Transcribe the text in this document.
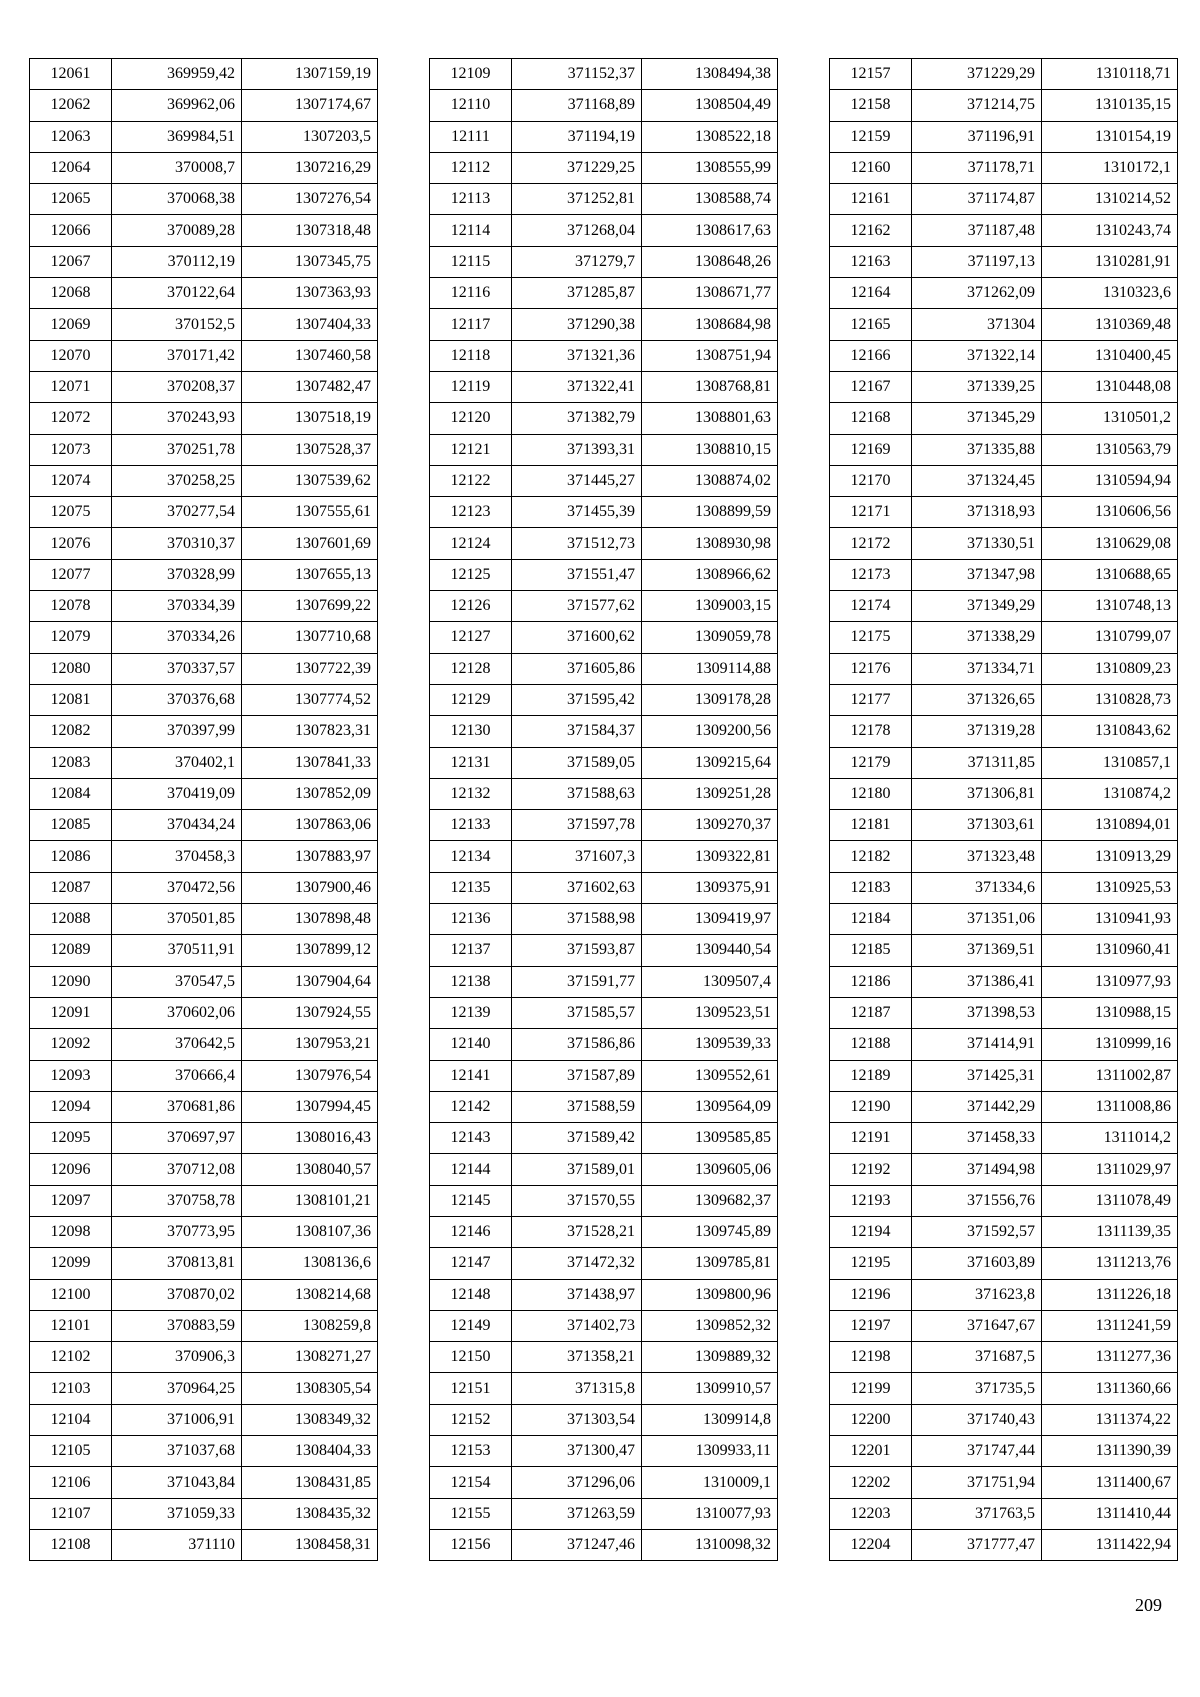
12061	369959,42	1307159,19
12062	369962,06	1307174,67
12063	369984,51	1307203,5
12064	370008,7	1307216,29
12065	370068,38	1307276,54
12066	370089,28	1307318,48
12067	370112,19	1307345,75
12068	370122,64	1307363,93
12069	370152,5	1307404,33
12070	370171,42	1307460,58
12071	370208,37	1307482,47
12072	370243,93	1307518,19
12073	370251,78	1307528,37
12074	370258,25	1307539,62
12075	370277,54	1307555,61
12076	370310,37	1307601,69
12077	370328,99	1307655,13
12078	370334,39	1307699,22
12079	370334,26	1307710,68
12080	370337,57	1307722,39
12081	370376,68	1307774,52
12082	370397,99	1307823,31
12083	370402,1	1307841,33
12084	370419,09	1307852,09
12085	370434,24	1307863,06
12086	370458,3	1307883,97
12087	370472,56	1307900,46
12088	370501,85	1307898,48
12089	370511,91	1307899,12
12090	370547,5	1307904,64
12091	370602,06	1307924,55
12092	370642,5	1307953,21
12093	370666,4	1307976,54
12094	370681,86	1307994,45
12095	370697,97	1308016,43
12096	370712,08	1308040,57
12097	370758,78	1308101,21
12098	370773,95	1308107,36
12099	370813,81	1308136,6
12100	370870,02	1308214,68
12101	370883,59	1308259,8
12102	370906,3	1308271,27
12103	370964,25	1308305,54
12104	371006,91	1308349,32
12105	371037,68	1308404,33
12106	371043,84	1308431,85
12107	371059,33	1308435,32
12108	371110	1308458,31
12109	371152,37	1308494,38
12110	371168,89	1308504,49
12111	371194,19	1308522,18
12112	371229,25	1308555,99
12113	371252,81	1308588,74
12114	371268,04	1308617,63
12115	371279,7	1308648,26
12116	371285,87	1308671,77
12117	371290,38	1308684,98
12118	371321,36	1308751,94
12119	371322,41	1308768,81
12120	371382,79	1308801,63
12121	371393,31	1308810,15
12122	371445,27	1308874,02
12123	371455,39	1308899,59
12124	371512,73	1308930,98
12125	371551,47	1308966,62
12126	371577,62	1309003,15
12127	371600,62	1309059,78
12128	371605,86	1309114,88
12129	371595,42	1309178,28
12130	371584,37	1309200,56
12131	371589,05	1309215,64
12132	371588,63	1309251,28
12133	371597,78	1309270,37
12134	371607,3	1309322,81
12135	371602,63	1309375,91
12136	371588,98	1309419,97
12137	371593,87	1309440,54
12138	371591,77	1309507,4
12139	371585,57	1309523,51
12140	371586,86	1309539,33
12141	371587,89	1309552,61
12142	371588,59	1309564,09
12143	371589,42	1309585,85
12144	371589,01	1309605,06
12145	371570,55	1309682,37
12146	371528,21	1309745,89
12147	371472,32	1309785,81
12148	371438,97	1309800,96
12149	371402,73	1309852,32
12150	371358,21	1309889,32
12151	371315,8	1309910,57
12152	371303,54	1309914,8
12153	371300,47	1309933,11
12154	371296,06	1310009,1
12155	371263,59	1310077,93
12156	371247,46	1310098,32
12157	371229,29	1310118,71
12158	371214,75	1310135,15
12159	371196,91	1310154,19
12160	371178,71	1310172,1
12161	371174,87	1310214,52
12162	371187,48	1310243,74
12163	371197,13	1310281,91
12164	371262,09	1310323,6
12165	371304	1310369,48
12166	371322,14	1310400,45
12167	371339,25	1310448,08
12168	371345,29	1310501,2
12169	371335,88	1310563,79
12170	371324,45	1310594,94
12171	371318,93	1310606,56
12172	371330,51	1310629,08
12173	371347,98	1310688,65
12174	371349,29	1310748,13
12175	371338,29	1310799,07
12176	371334,71	1310809,23
12177	371326,65	1310828,73
12178	371319,28	1310843,62
12179	371311,85	1310857,1
12180	371306,81	1310874,2
12181	371303,61	1310894,01
12182	371323,48	1310913,29
12183	371334,6	1310925,53
12184	371351,06	1310941,93
12185	371369,51	1310960,41
12186	371386,41	1310977,93
12187	371398,53	1310988,15
12188	371414,91	1310999,16
12189	371425,31	1311002,87
12190	371442,29	1311008,86
12191	371458,33	1311014,2
12192	371494,98	1311029,97
12193	371556,76	1311078,49
12194	371592,57	1311139,35
12195	371603,89	1311213,76
12196	371623,8	1311226,18
12197	371647,67	1311241,59
12198	371687,5	1311277,36
12199	371735,5	1311360,66
12200	371740,43	1311374,22
12201	371747,44	1311390,39
12202	371751,94	1311400,67
12203	371763,5	1311410,44
12204	371777,47	1311422,94
209
